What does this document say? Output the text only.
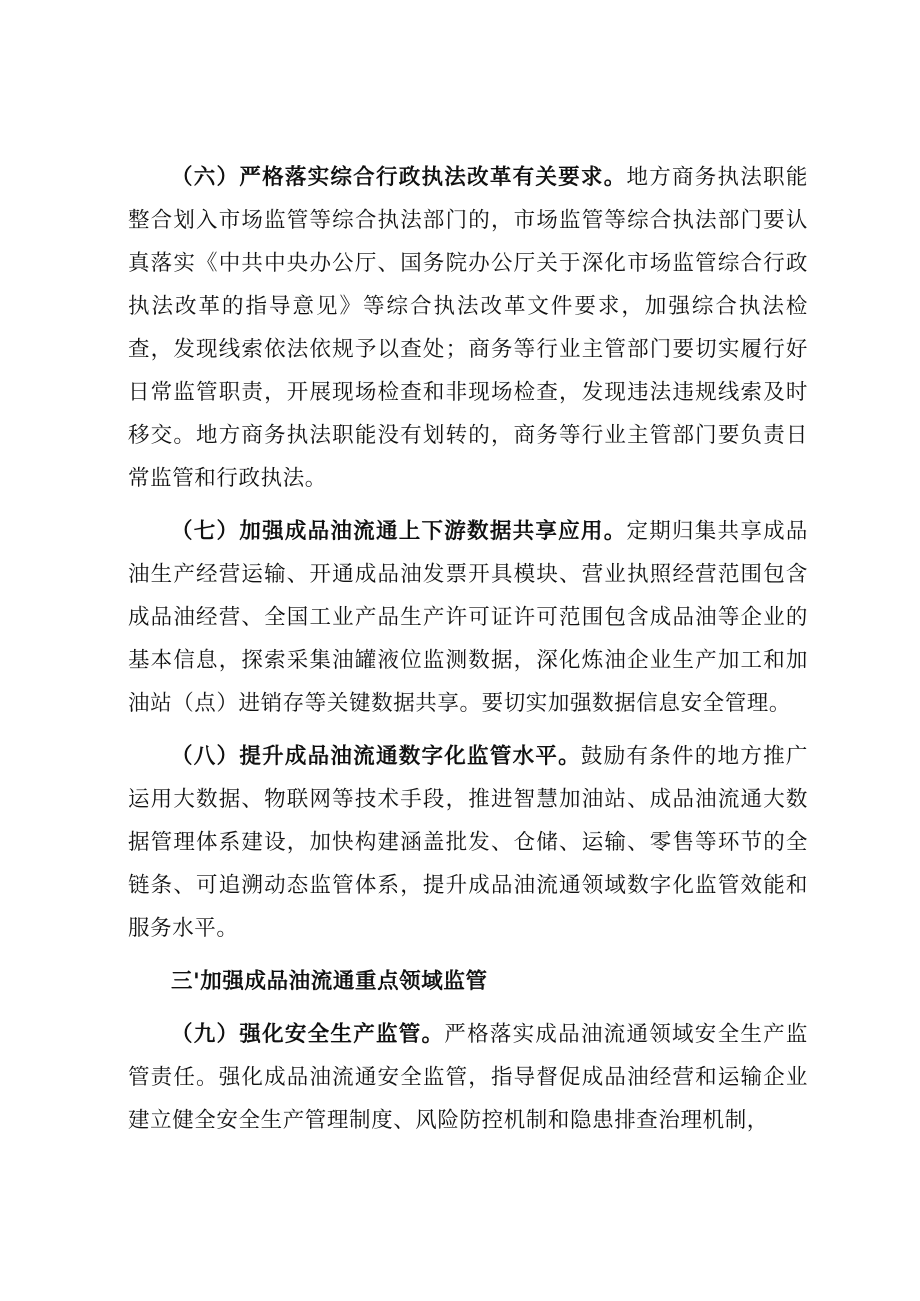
（六）严格落实综合行政执法改革有关要求。地方商务执法职能整合划入市场监管等综合执法部门的，市场监管等综合执法部门要认真落实《中共中央办公厅、国务院办公厅关于深化市场监管综合行政执法改革的指导意见》等综合执法改革文件要求，加强综合执法检查，发现线索依法依规予以查处；商务等行业主管部门要切实履行好日常监管职责，开展现场检查和非现场检查，发现违法违规线索及时移交。地方商务执法职能没有划转的，商务等行业主管部门要负责日常监管和行政执法。

（七）加强成品油流通上下游数据共享应用。定期归集共享成品油生产经营运输、开通成品油发票开具模块、营业执照经营范围包含成品油经营、全国工业产品生产许可证许可范围包含成品油等企业的基本信息，探索采集油罐液位监测数据，深化炼油企业生产加工和加油站（点）进销存等关键数据共享。要切实加强数据信息安全管理。

（八）提升成品油流通数字化监管水平。鼓励有条件的地方推广运用大数据、物联网等技术手段，推进智慧加油站、成品油流通大数据管理体系建设，加快构建涵盖批发、仓储、运输、零售等环节的全链条、可追溯动态监管体系，提升成品油流通领域数字化监管效能和服务水平。

三'加强成品油流通重点领域监管

（九）强化安全生产监管。严格落实成品油流通领域安全生产监管责任。强化成品油流通安全监管，指导督促成品油经营和运输企业建立健全安全生产管理制度、风险防控机制和隐患排查治理机制，
